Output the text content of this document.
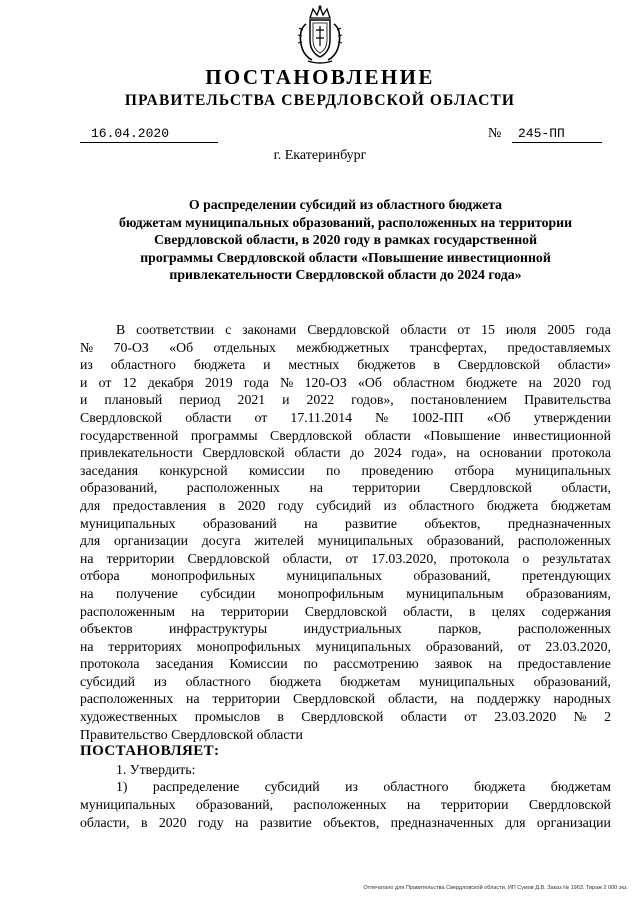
ПОСТАНОВЛЕНИЕ
ПРАВИТЕЛЬСТВА СВЕРДЛОВСКОЙ ОБЛАСТИ
16.04.2020	№ 245-ПП
г. Екатеринбург
О распределении субсидий из областного бюджета
бюджетам муниципальных образований, расположенных на территории
Свердловской области, в 2020 году в рамках государственной
программы Свердловской области «Повышение инвестиционной
привлекательности Свердловской области до 2024 года»
В соответствии с законами Свердловской области от 15 июля 2005 года
№ 70-ОЗ «Об отдельных межбюджетных трансфертах, предоставляемых
из областного бюджета и местных бюджетов в Свердловской области»
и от 12 декабря 2019 года № 120-ОЗ «Об областном бюджете на 2020 год
и плановый период 2021 и 2022 годов», постановлением Правительства
Свердловской области от 17.11.2014 № 1002-ПП «Об утверждении
государственной программы Свердловской области «Повышение инвестиционной
привлекательности Свердловской области до 2024 года», на основании протокола
заседания конкурсной комиссии по проведению отбора муниципальных
образований, расположенных на территории Свердловской области,
для предоставления в 2020 году субсидий из областного бюджета бюджетам
муниципальных образований на развитие объектов, предназначенных
для организации досуга жителей муниципальных образований, расположенных
на территории Свердловской области, от 17.03.2020, протокола о результатах
отбора монопрофильных муниципальных образований, претендующих
на получение субсидии монопрофильным муниципальным образованиям,
расположенным на территории Свердловской области, в целях содержания
объектов	инфраструктуры	индустриальных	парков,	расположенных
на территориях монопрофильных муниципальных образований, от 23.03.2020,
протокола заседания Комиссии по рассмотрению заявок на предоставление
субсидий из областного бюджета бюджетам муниципальных образований,
расположенных на территории Свердловской области, на поддержку народных
художественных промыслов в Свердловской области от 23.03.2020 № 2
Правительство Свердловской области
ПОСТАНОВЛЯЕТ:
1. Утвердить:
1) распределение субсидий из областного бюджета бюджетам
муниципальных образований, расположенных на территории Свердловской
области, в 2020 году на развитие объектов, предназначенных для организации
Отпечатано для Правительства Свердловской области. ИП Сумов Д.В. Заказ № 1963. Тираж 2 000 экз.
